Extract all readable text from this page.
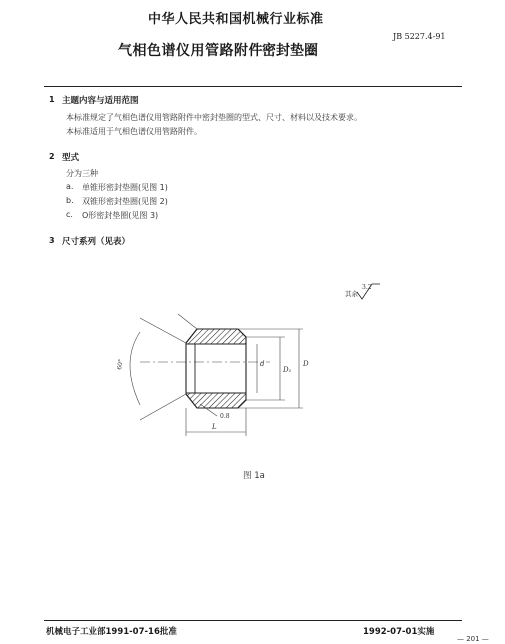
中华人民共和国机械行业标准
JB 5227.4-91
气相色谱仪用管路附件 密封垫圈
1 主题内容与适用范围
本标准规定了气相色谱仪用管路附件中密封垫圈的型式、尺寸、材料以及技术要求。
本标准适用于气相色谱仪用管路附件。
2 型式
分为三种
a. 单锥形密封垫圈(见图 1)
b. 双锥形密封垫圈(见图 2)
c. O形密封垫圈(见图 3)
3 尺寸系列（见表）
其余
3.2
60°	d
D₁
D
0.8
L
图 1a
机械电子工业部1991-07-16批准	1992-07-01实施
— 201 —
